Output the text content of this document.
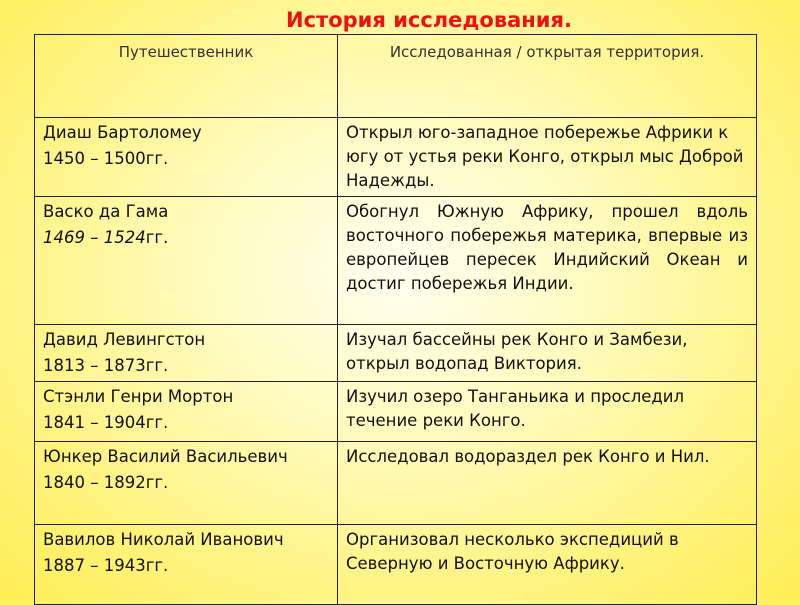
История исследования.
Путешественник	Исследованная / открытая территория.

Диаш Бартоломеу
1450 – 1500гг.	Открыл юго-западное побережье Африки к югу от устья реки Конго, открыл мыс Доброй Надежды.

Васко да Гама
1469 – 1524гг.	Обогнул Южную Африку, прошел вдоль восточного побережья материка, впервые из европейцев пересек Индийский Океан и достиг побережья Индии.

Давид Левингстон
1813 – 1873гг.	Изучал бассейны рек Конго и Замбези, открыл водопад Виктория.

Стэнли Генри Мортон
1841 – 1904гг.	Изучил озеро Танганьика и проследил течение реки Конго.

Юнкер Василий Васильевич
1840 – 1892гг.	Исследовал водораздел рек Конго и Нил.

Вавилов Николай Иванович
1887 – 1943гг.	Организовал несколько экспедиций в Северную и Восточную Африку.
